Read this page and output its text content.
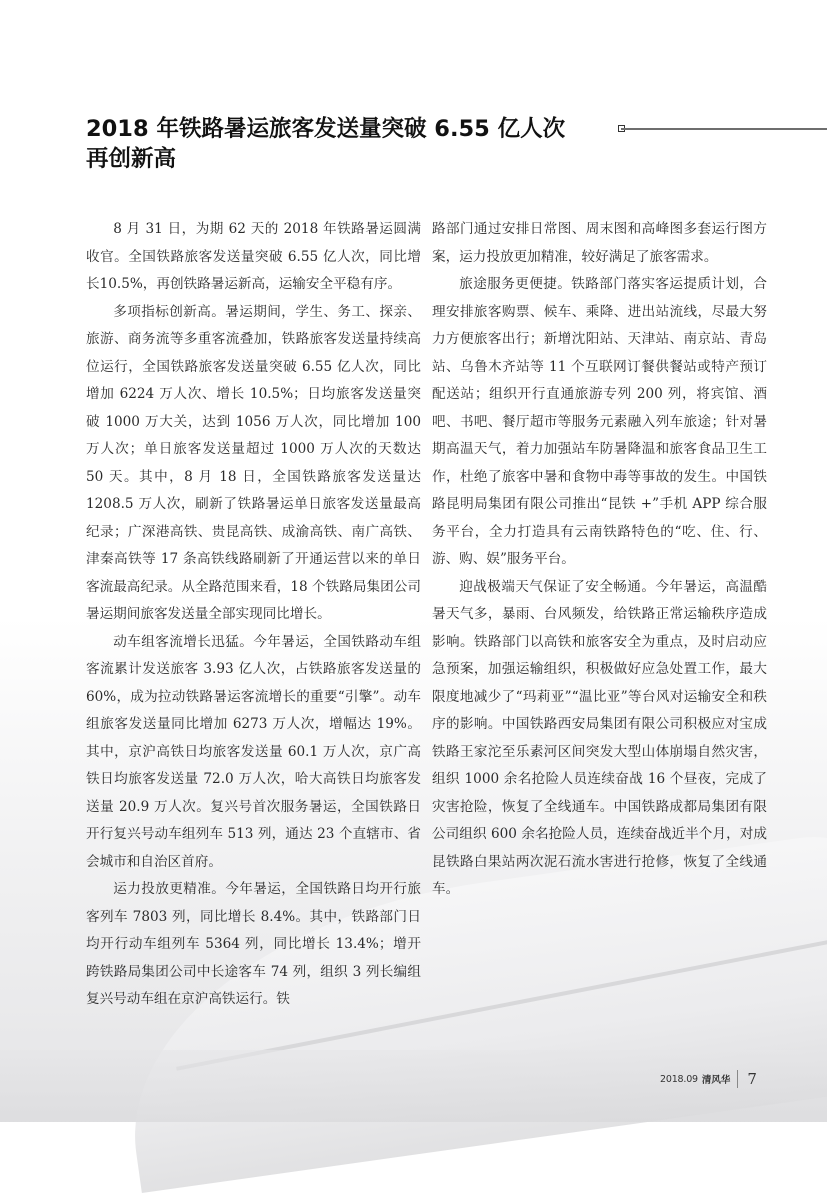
2018 年铁路暑运旅客发送量突破 6.55 亿人次
再创新高

8 月 31 日，为期 62 天的 2018 年铁路暑运圆满收官。全国铁路旅客发送量突破 6.55 亿人次，同比增长10.5%，再创铁路暑运新高，运输安全平稳有序。

多项指标创新高。暑运期间，学生、务工、探亲、旅游、商务流等多重客流叠加，铁路旅客发送量持续高位运行，全国铁路旅客发送量突破 6.55 亿人次，同比增加 6224 万人次、增长 10.5%；日均旅客发送量突破 1000 万大关，达到 1056 万人次，同比增加 100 万人次；单日旅客发送量超过 1000 万人次的天数达 50 天。其中，8 月 18 日，全国铁路旅客发送量达 1208.5 万人次，刷新了铁路暑运单日旅客发送量最高纪录；广深港高铁、贵昆高铁、成渝高铁、南广高铁、津秦高铁等 17 条高铁线路刷新了开通运营以来的单日客流最高纪录。从全路范围来看，18 个铁路局集团公司暑运期间旅客发送量全部实现同比增长。

动车组客流增长迅猛。今年暑运，全国铁路动车组客流累计发送旅客 3.93 亿人次，占铁路旅客发送量的 60%，成为拉动铁路暑运客流增长的重要“引擎”。动车组旅客发送量同比增加 6273 万人次，增幅达 19%。其中，京沪高铁日均旅客发送量 60.1 万人次，京广高铁日均旅客发送量 72.0 万人次，哈大高铁日均旅客发送量 20.9 万人次。复兴号首次服务暑运，全国铁路日开行复兴号动车组列车 513 列，通达 23 个直辖市、省会城市和自治区首府。

运力投放更精准。今年暑运，全国铁路日均开行旅客列车 7803 列，同比增长 8.4%。其中，铁路部门日均开行动车组列车 5364 列，同比增长 13.4%；增开跨铁路局集团公司中长途客车 74 列，组织 3 列长编组复兴号动车组在京沪高铁运行。铁

路部门通过安排日常图、周末图和高峰图多套运行图方案，运力投放更加精准，较好满足了旅客需求。

旅途服务更便捷。铁路部门落实客运提质计划，合理安排旅客购票、候车、乘降、进出站流线，尽最大努力方便旅客出行；新增沈阳站、天津站、南京站、青岛站、乌鲁木齐站等 11 个互联网订餐供餐站或特产预订配送站；组织开行直通旅游专列 200 列，将宾馆、酒吧、书吧、餐厅超市等服务元素融入列车旅途；针对暑期高温天气，着力加强站车防暑降温和旅客食品卫生工作，杜绝了旅客中暑和食物中毒等事故的发生。中国铁路昆明局集团有限公司推出“昆铁 +”手机 APP 综合服务平台，全力打造具有云南铁路特色的“吃、住、行、游、购、娱”服务平台。

迎战极端天气保证了安全畅通。今年暑运，高温酷暑天气多，暴雨、台风频发，给铁路正常运输秩序造成影响。铁路部门以高铁和旅客安全为重点，及时启动应急预案，加强运输组织，积极做好应急处置工作，最大限度地减少了“玛莉亚”“温比亚”等台风对运输安全和秩序的影响。中国铁路西安局集团有限公司积极应对宝成铁路王家沱至乐素河区间突发大型山体崩塌自然灾害，组织 1000 余名抢险人员连续奋战 16 个昼夜，完成了灾害抢险，恢复了全线通车。中国铁路成都局集团有限公司组织 600 余名抢险人员，连续奋战近半个月，对成昆铁路白果站两次泥石流水害进行抢修，恢复了全线通车。

2018.09 清风华 7
